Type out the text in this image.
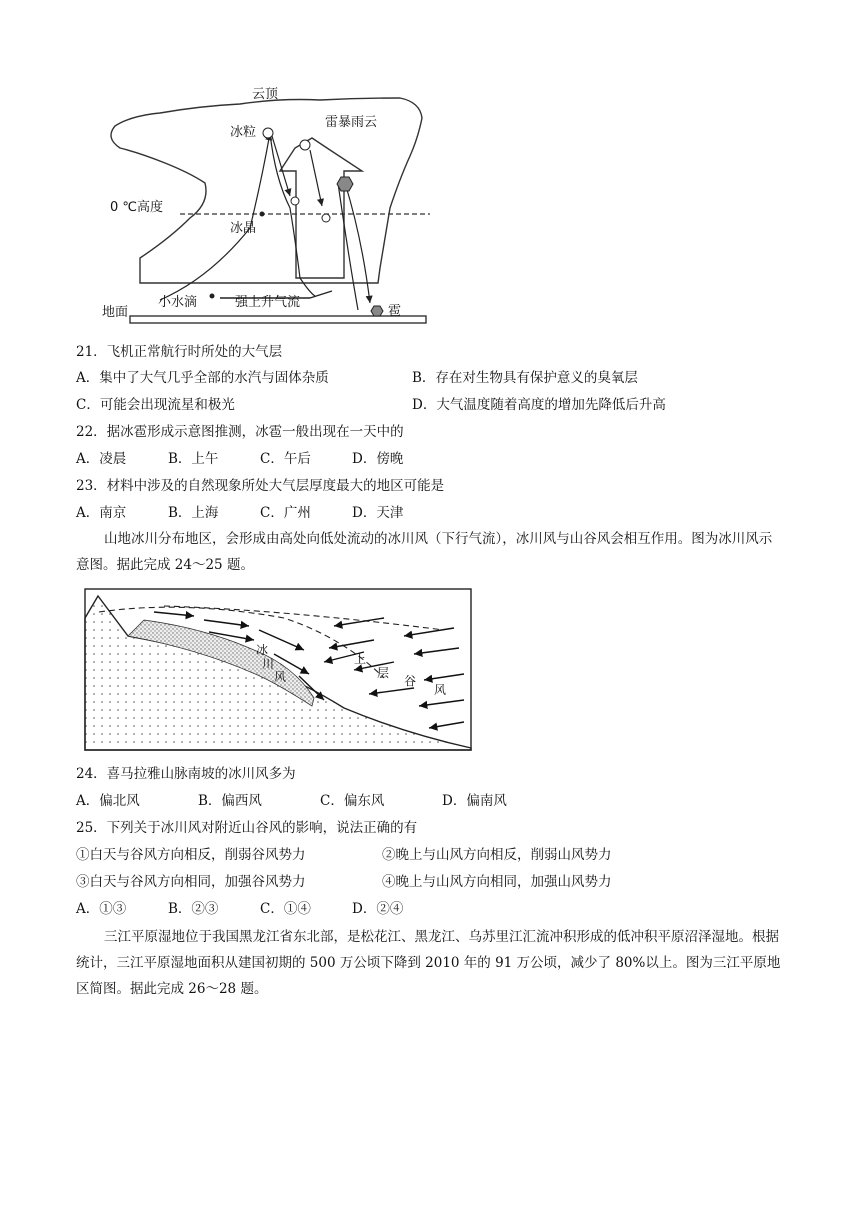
云顶
雷暴雨云
冰粒
0 ℃高度
冰晶
地面
小水滴	强上升气流
雹
21．飞机正常航行时所处的大气层
A．集中了大气几乎全部的水汽与固体杂质	B．存在对生物具有保护意义的臭氧层
C．可能会出现流星和极光	D．大气温度随着高度的增加先降低后升高
22．据冰雹形成示意图推测，冰雹一般出现在一天中的
A．凌晨	B．上午	C．午后	D．傍晚
23．材料中涉及的自然现象所处大气层厚度最大的地区可能是
A．南京	B．上海	C．广州	D．天津
山地冰川分布地区，会形成由高处向低处流动的冰川风（下行气流），冰川风与山谷风会相互作用。图为冰川风示意图。据此完成 24～25 题。
冰
川
风
上
层
谷
风
24．喜马拉雅山脉南坡的冰川风多为
A．偏北风	B．偏西风	C．偏东风	D．偏南风
25．下列关于冰川风对附近山谷风的影响，说法正确的有
①白天与谷风方向相反，削弱谷风势力	②晚上与山风方向相反，削弱山风势力
③白天与谷风方向相同，加强谷风势力	④晚上与山风方向相同，加强山风势力
A．①③	B．②③	C．①④	D．②④
三江平原湿地位于我国黑龙江省东北部，是松花江、黑龙江、乌苏里江汇流冲积形成的低冲积平原沼泽湿地。根据统计，三江平原湿地面积从建国初期的 500 万公顷下降到 2010 年的 91 万公顷，减少了 80%以上。图为三江平原地区简图。据此完成 26～28 题。
